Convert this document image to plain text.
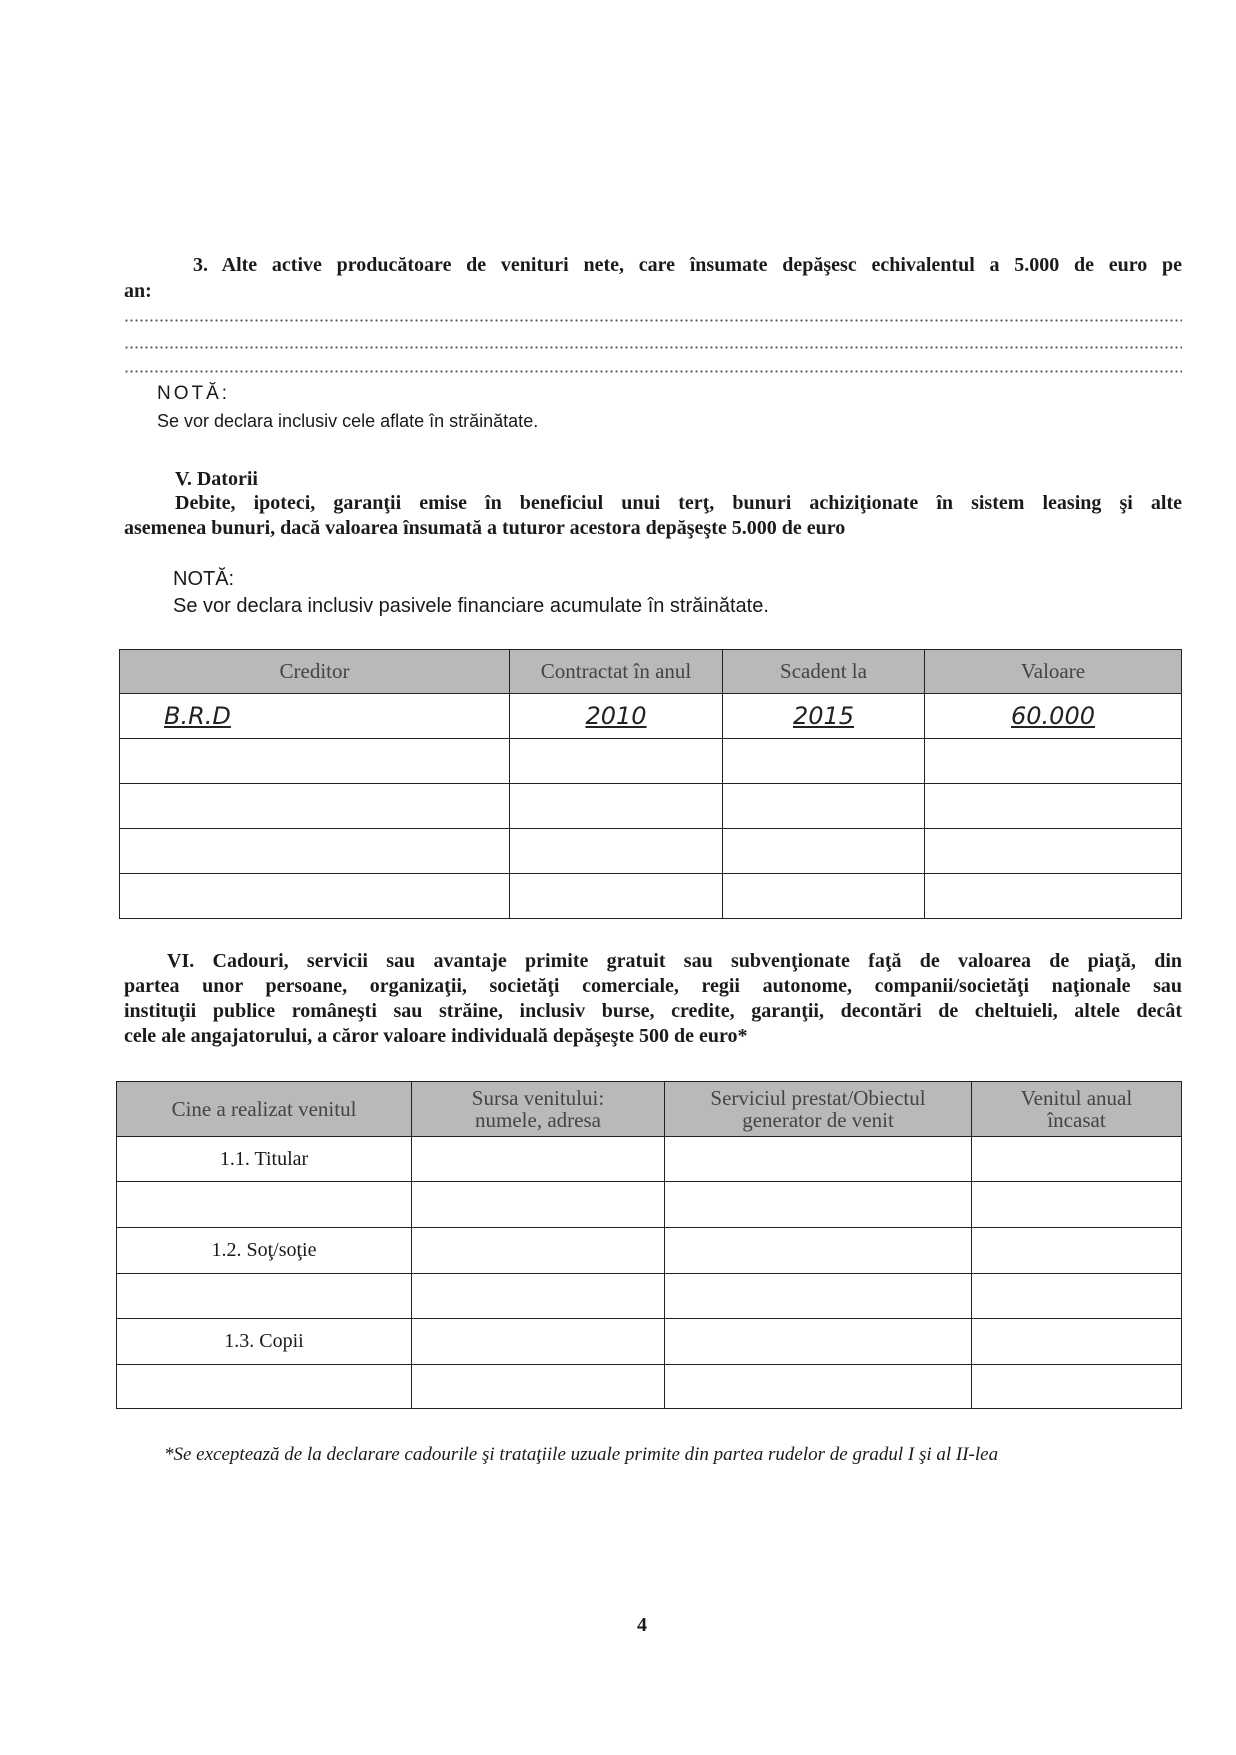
3. Alte active producătoare de venituri nete, care însumate depăşesc echivalentul a 5.000 de euro pe
an:
NOTĂ:
Se vor declara inclusiv cele aflate în străinătate.
V. Datorii
Debite, ipoteci, garanţii emise în beneficiul unui terţ, bunuri achiziţionate în sistem leasing şi alte
asemenea bunuri, dacă valoarea însumată a tuturor acestora depăşeşte 5.000 de euro
NOTĂ:
Se vor declara inclusiv pasivele financiare acumulate în străinătate.
Creditor	Contractat în anul	Scadent la	Valoare
B.R.D	2010	2015	60.000

VI. Cadouri, servicii sau avantaje primite gratuit sau subvenţionate faţă de valoarea de piaţă, din
partea unor persoane, organizaţii, societăţi comerciale, regii autonome, companii/societăţi naţionale sau
instituţii publice româneşti sau străine, inclusiv burse, credite, garanţii, decontări de cheltuieli, altele decât
cele ale angajatorului, a căror valoare individuală depăşeşte 500 de euro*
Cine a realizat venitul	Sursa venitului: numele, adresa	Serviciul prestat/Obiectul generator de venit	Venitul anual încasat
1.1. Titular			

1.2. Soţ/soţie			

1.3. Copii			

*Se exceptează de la declarare cadourile şi trataţiile uzuale primite din partea rudelor de gradul I şi al II-lea
4
